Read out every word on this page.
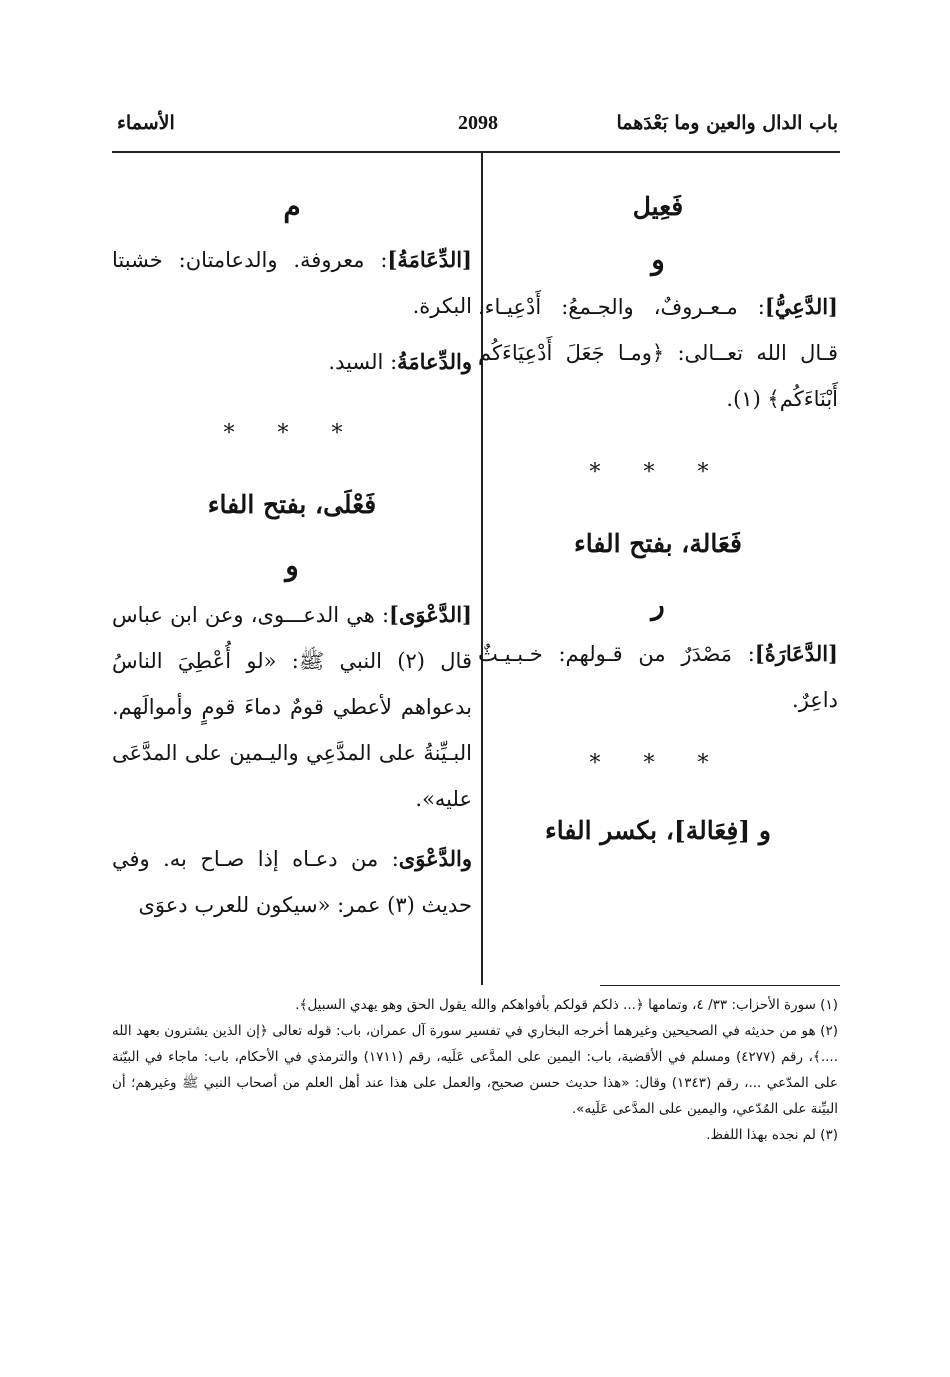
باب الدال والعين وما بَعْدَهما
2098
الأسماء

فَعِيل

و

[الدَّعِيُّ]: مـعـروفٌ، والجـمعُ: أَدْعِيـاء. قـال الله تعــالى: ﴿ومـا جَعَلَ أَدْعِيَاءَكُم أَبْنَاءَكُم﴾ (١).

* * *

فَعَالة، بفتح الفاء

ر

[الدَّعَارَةُ]: مَصْدَرٌ من قـولهم: خـبـيـثٌ داعِرٌ.

* * *

و [فِعَالة]، بكسر الفاء

م

[الدِّعَامَةُ]: معروفة. والدعامتان: خشبتا البكرة.

والدِّعامَةُ: السيد.

* * *

فَعْلَى، بفتح الفاء

و

[الدَّعْوَى]: هي الدعـــوى، وعن ابن عباس قال (٢) النبي ﷺ: «لو أُعْطِيَ الناسُ بدعواهم لأعطي قومٌ دماءَ قومٍ وأموالَهم. البـيِّنةُ على المدَّعِي واليـمين على المدَّعَى عليه».

والدَّعْوَى: من دعـاه إذا صـاح به. وفي حديث (٣) عمر: «سيكون للعرب دعوَى

(١) سورة الأحزاب: ٣٣/ ٤، وتمامها ﴿... ذلكم قولكم بأفواهكم والله يقول الحق وهو يهدي السبيل﴾.

(٢) هو من حديثه في الصحيحين وغيرهما أخرجه البخاري في تفسير سورة آل عمران، باب: قوله تعالى ﴿إن الذين يشترون بعهد الله ....﴾، رقم (٤٢٧٧) ومسلم في الأقضية، باب: اليمين على المدَّعى عَلَيه، رقم (١٧١١) والترمذي في الأحكام، باب: ماجاء في البيّنة على المدّعي ...، رقم (١٣٤٣) وقال: «هذا حديث حسن صحيح، والعمل على هذا عند أهل العلم من أصحاب النبي ﷺ وغيرهم؛ أن البيِّنة على المُدّعي، واليمين على المدَّعى عَلَيه».

(٣) لم نجده بهذا اللفظ.
